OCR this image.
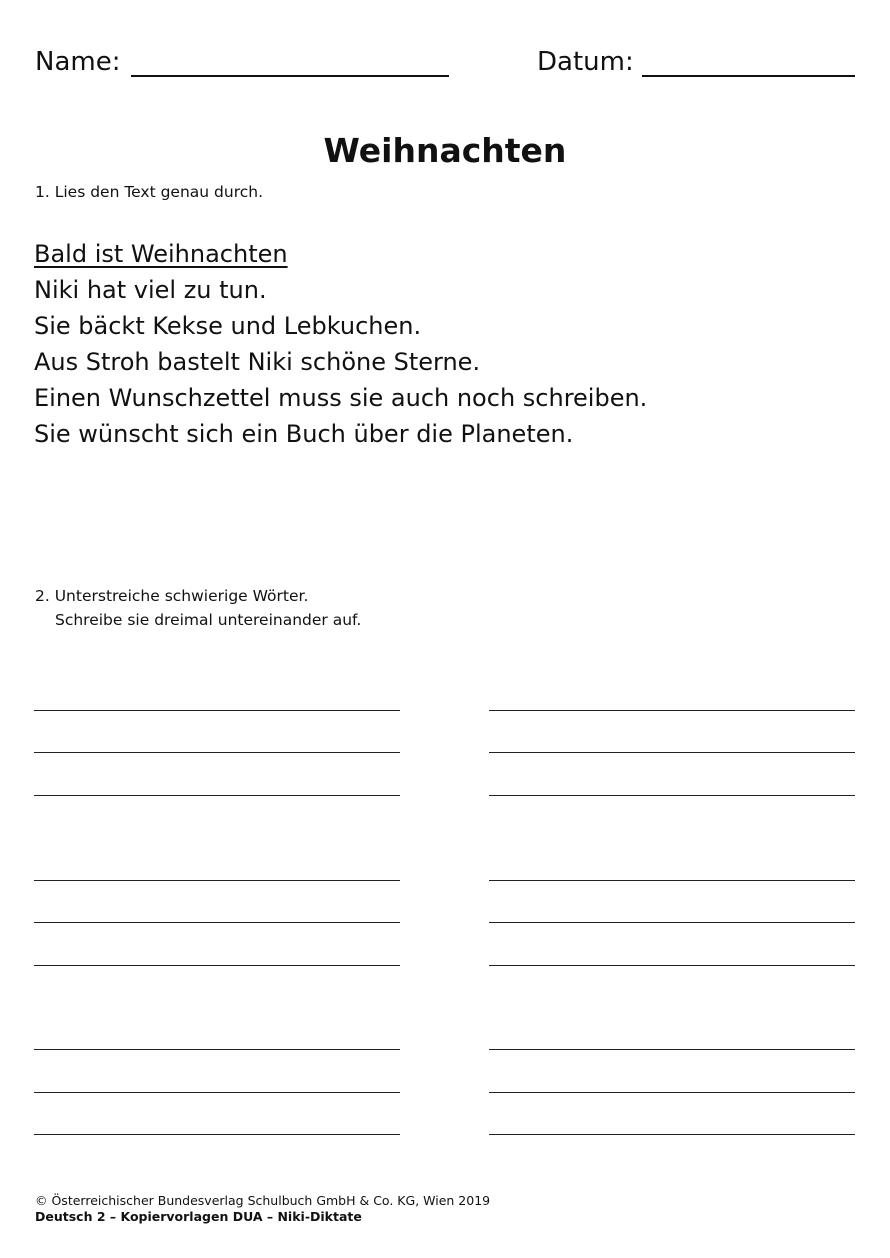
Name:	Datum:
Weihnachten
1. Lies den Text genau durch.
Bald ist Weihnachten
Niki hat viel zu tun.
Sie bäckt Kekse und Lebkuchen.
Aus Stroh bastelt Niki schöne Sterne.
Einen Wunschzettel muss sie auch noch schreiben.
Sie wünscht sich ein Buch über die Planeten.
2. Unterstreiche schwierige Wörter.
Schreibe sie dreimal untereinander auf.
© Österreichischer Bundesverlag Schulbuch GmbH & Co. KG, Wien 2019
Deutsch 2 – Kopiervorlagen DUA – Niki-Diktate
